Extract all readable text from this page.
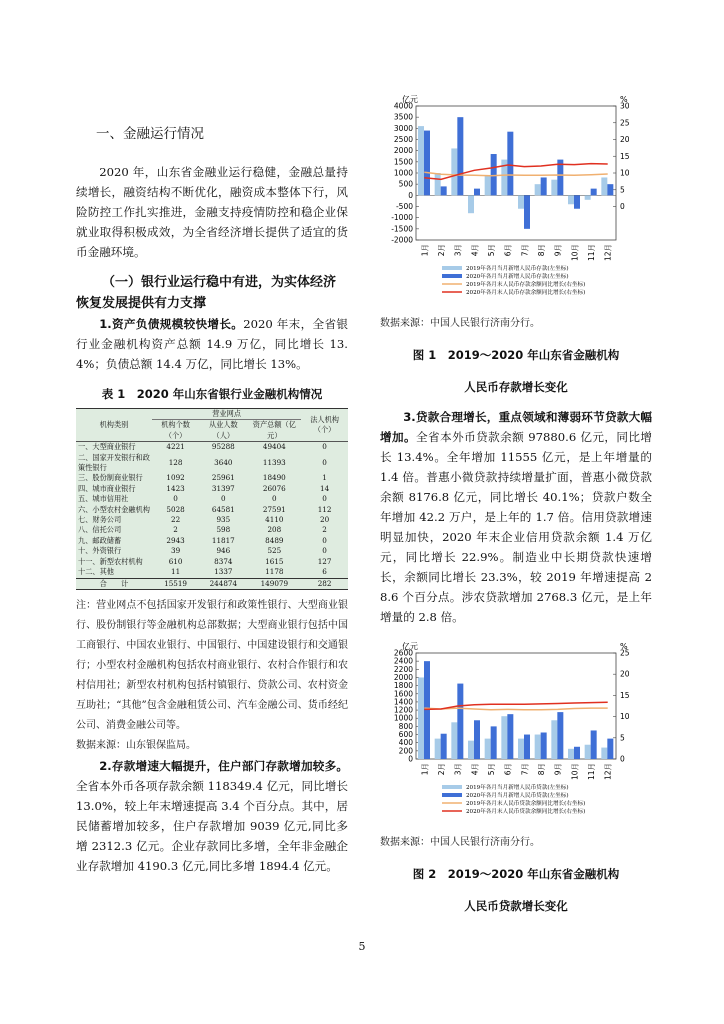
一、金融运行情况

2020 年，山东省金融业运行稳健，金融总量持续增长，融资结构不断优化，融资成本整体下行，风险防控工作扎实推进，金融支持疫情防控和稳企业保就业取得积极成效，为全省经济增长提供了适宜的货币金融环境。

（一）银行业运行稳中有进，为实体经济恢复发展提供有力支撑

1.资产负债规模较快增长。2020 年末，全省银行业金融机构资产总额 14.9 万亿，同比增长 13.4%；负债总额 14.4 万亿，同比增长 13%。

表 1　2020 年山东省银行业金融机构情况
机构类别	营业网点			法人机构（个）
	机构个数（个）	从业人数（人）	资产总额（亿元）	
一、大型商业银行	4221	95288	49404	0
二、国家开发银行和政策性银行	128	3640	11393	0
三、股份制商业银行	1092	25961	18490	1
四、城市商业银行	1423	31397	26076	14
五、城市信用社	0	0	0	0
六、小型农村金融机构	5028	64581	27591	112
七、财务公司	22	935	4110	20
八、信托公司	2	598	208	2
九、邮政储蓄	2943	11817	8489	0
十、外资银行	39	946	525	0
十一、新型农村机构	610	8374	1615	127
十二、其他	11	1337	1178	6
合　　计	15519	244874	149079	282

注：营业网点不包括国家开发银行和政策性银行、大型商业银行、股份制银行等金融机构总部数据；大型商业银行包括中国工商银行、中国农业银行、中国银行、中国建设银行和交通银行；小型农村金融机构包括农村商业银行、农村合作银行和农村信用社；新型农村机构包括村镇银行、贷款公司、农村资金互助社；“其他”包含金融租赁公司、汽车金融公司、货币经纪公司、消费金融公司等。

数据来源：山东银保监局。

2.存款增速大幅提升，住户部门存款增加较多。全省本外币各项存款余额 118349.4 亿元，同比增长 13.0%，较上年末增速提高 3.4 个百分点。其中，居民储蓄增加较多，住户存款增加 9039 亿元,同比多增 2312.3 亿元。企业存款同比多增，全年非金融企业存款增加 4190.3 亿元,同比多增 1894.4 亿元。

亿元	%
4000
3500
3000
2500
2000
1500
1000
500
0
-500
-1000
-1500
-2000
30
25
20
15
10
5
0
1月 2月 3月 4月 5月 6月 7月 8月 9月 10月 11月 12月
2019年各月当月新增人民币存款(左坐标)
2020年各月当月新增人民币存款(左坐标)
2019年各月末人民币存款余额同比增长(右坐标)
2020年各月末人民币存款余额同比增长(右坐标)

数据来源：中国人民银行济南分行。

图 1　2019～2020 年山东省金融机构

人民币存款增长变化

3.贷款合理增长，重点领域和薄弱环节贷款大幅增加。全省本外币贷款余额 97880.6 亿元，同比增长 13.4%。全年增加 11555 亿元，是上年增量的 1.4 倍。普惠小微贷款持续增量扩面，普惠小微贷款余额 8176.8 亿元，同比增长 40.1%；贷款户数全年增加 42.2 万户，是上年的 1.7 倍。信用贷款增速明显加快，2020 年末企业信用贷款余额 1.4 万亿元，同比增长 22.9%。制造业中长期贷款快速增长，余额同比增长 23.3%，较 2019 年增速提高 28.6 个百分点。涉农贷款增加 2768.3 亿元，是上年增量的 2.8 倍。

亿元	%
2600
2400
2200
2000
1800
1600
1400
1200
1000
800
600
400
200
0
25
20
15
10
5
0
1月 2月 3月 4月 5月 6月 7月 8月 9月 10月 11月 12月
2019年各月当月新增人民币贷款(左坐标)
2020年各月当月新增人民币贷款(左坐标)
2019年各月末人民币贷款余额同比增长(右坐标)
2020年各月末人民币贷款余额同比增长(右坐标)

数据来源：中国人民银行济南分行。

图 2　2019～2020 年山东省金融机构

人民币贷款增长变化

5
